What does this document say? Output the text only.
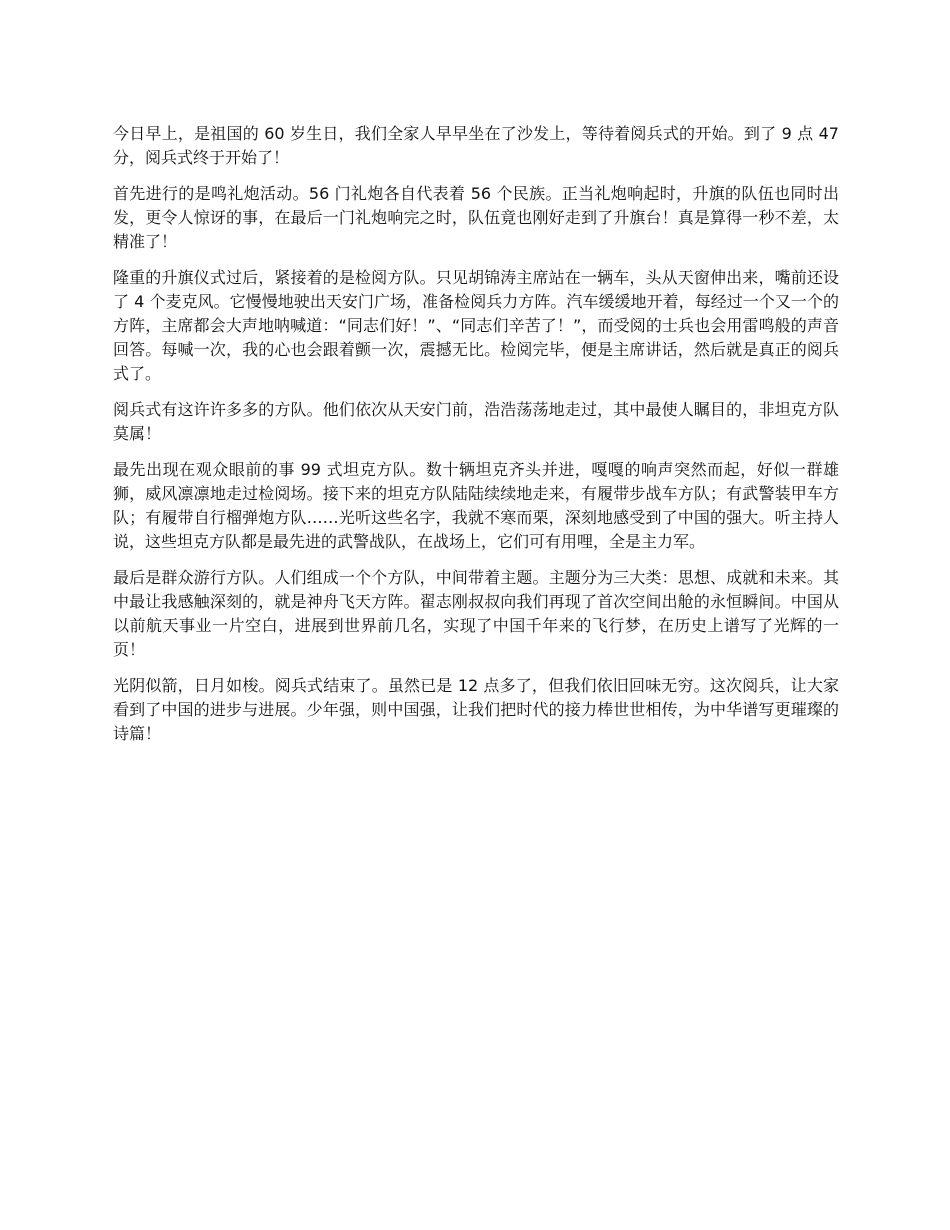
今日早上，是祖国的 60 岁生日，我们全家人早早坐在了沙发上，等待着阅兵式的开始。到了 9 点 47 分，阅兵式终于开始了！

首先进行的是鸣礼炮活动。56 门礼炮各自代表着 56 个民族。正当礼炮响起时，升旗的队伍也同时出发，更令人惊讶的事，在最后一门礼炮响完之时，队伍竟也刚好走到了升旗台！真是算得一秒不差，太精准了！

隆重的升旗仪式过后，紧接着的是检阅方队。只见胡锦涛主席站在一辆车，头从天窗伸出来，嘴前还设了 4 个麦克风。它慢慢地驶出天安门广场，准备检阅兵力方阵。汽车缓缓地开着，每经过一个又一个的方阵，主席都会大声地呐喊道：“同志们好！”、“同志们辛苦了！”，而受阅的士兵也会用雷鸣般的声音回答。每喊一次，我的心也会跟着颤一次，震撼无比。检阅完毕，便是主席讲话，然后就是真正的阅兵式了。

阅兵式有这许许多多的方队。他们依次从天安门前，浩浩荡荡地走过，其中最使人瞩目的，非坦克方队莫属！

最先出现在观众眼前的事 99 式坦克方队。数十辆坦克齐头并进，嘎嘎的响声突然而起，好似一群雄狮，威风凛凛地走过检阅场。接下来的坦克方队陆陆续续地走来，有履带步战车方队；有武警装甲车方队；有履带自行榴弹炮方队……光听这些名字，我就不寒而栗，深刻地感受到了中国的强大。听主持人说，这些坦克方队都是最先进的武警战队，在战场上，它们可有用哩，全是主力军。

最后是群众游行方队。人们组成一个个方队，中间带着主题。主题分为三大类：思想、成就和未来。其中最让我感触深刻的，就是神舟飞天方阵。翟志刚叔叔向我们再现了首次空间出舱的永恒瞬间。中国从以前航天事业一片空白，进展到世界前几名，实现了中国千年来的飞行梦，在历史上谱写了光辉的一页！

光阴似箭，日月如梭。阅兵式结束了。虽然已是 12 点多了，但我们依旧回味无穷。这次阅兵，让大家看到了中国的进步与进展。少年强，则中国强，让我们把时代的接力棒世世相传，为中华谱写更璀璨的诗篇！
